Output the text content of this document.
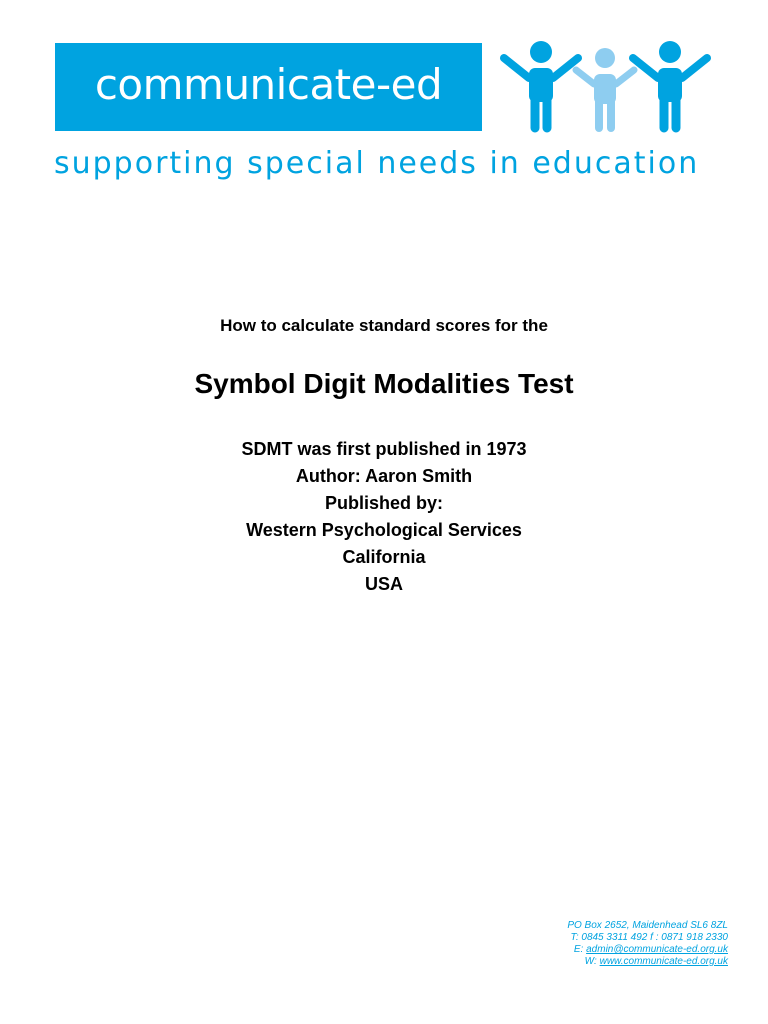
communicate-ed
supporting special needs in education
How to calculate standard scores for the
Symbol Digit Modalities Test
SDMT was first published in 1973
Author: Aaron Smith
Published by:
Western Psychological Services
California
USA
PO Box 2652, Maidenhead SL6 8ZL
T: 0845 3311 492 f : 0871 918 2330
E: admin@communicate-ed.org.uk
W: www.communicate-ed.org.uk
